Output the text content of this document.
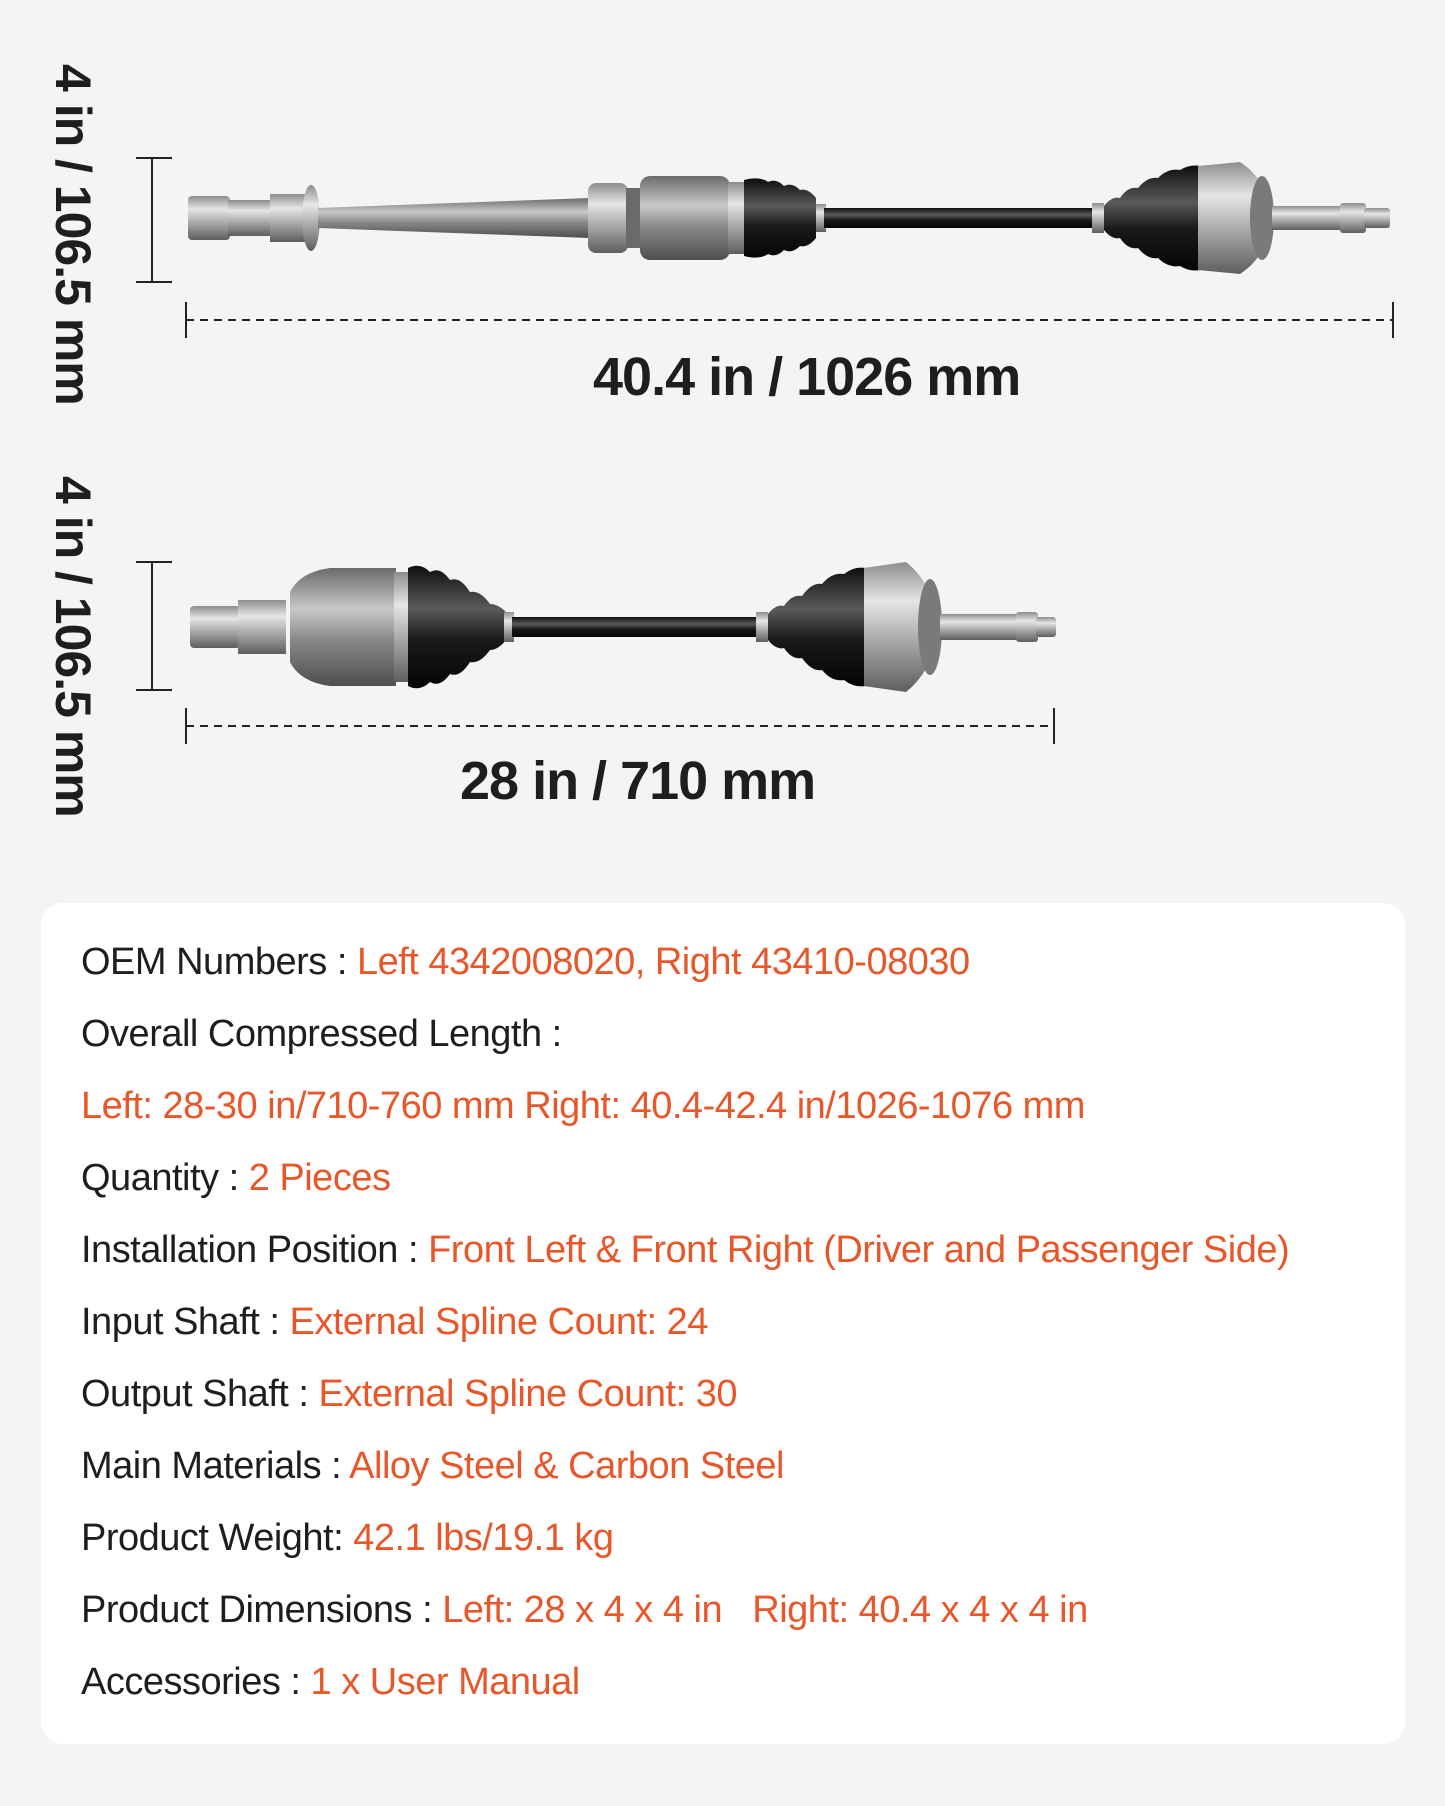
4 in / 106.5 mm	40.4 in / 1026 mm
4 in / 106.5 mm	28 in / 710 mm
OEM Numbers : Left 4342008020, Right 43410-08030
Overall Compressed Length :
Left: 28-30 in/710-760 mm Right: 40.4-42.4 in/1026-1076 mm
Quantity : 2 Pieces
Installation Position : Front Left & Front Right (Driver and Passenger Side)
Input Shaft : External Spline Count: 24
Output Shaft : External Spline Count: 30
Main Materials : Alloy Steel & Carbon Steel
Product Weight: 42.1 lbs/19.1 kg
Product Dimensions : Left: 28 x 4 x 4 in   Right: 40.4 x 4 x 4 in
Accessories : 1 x User Manual
